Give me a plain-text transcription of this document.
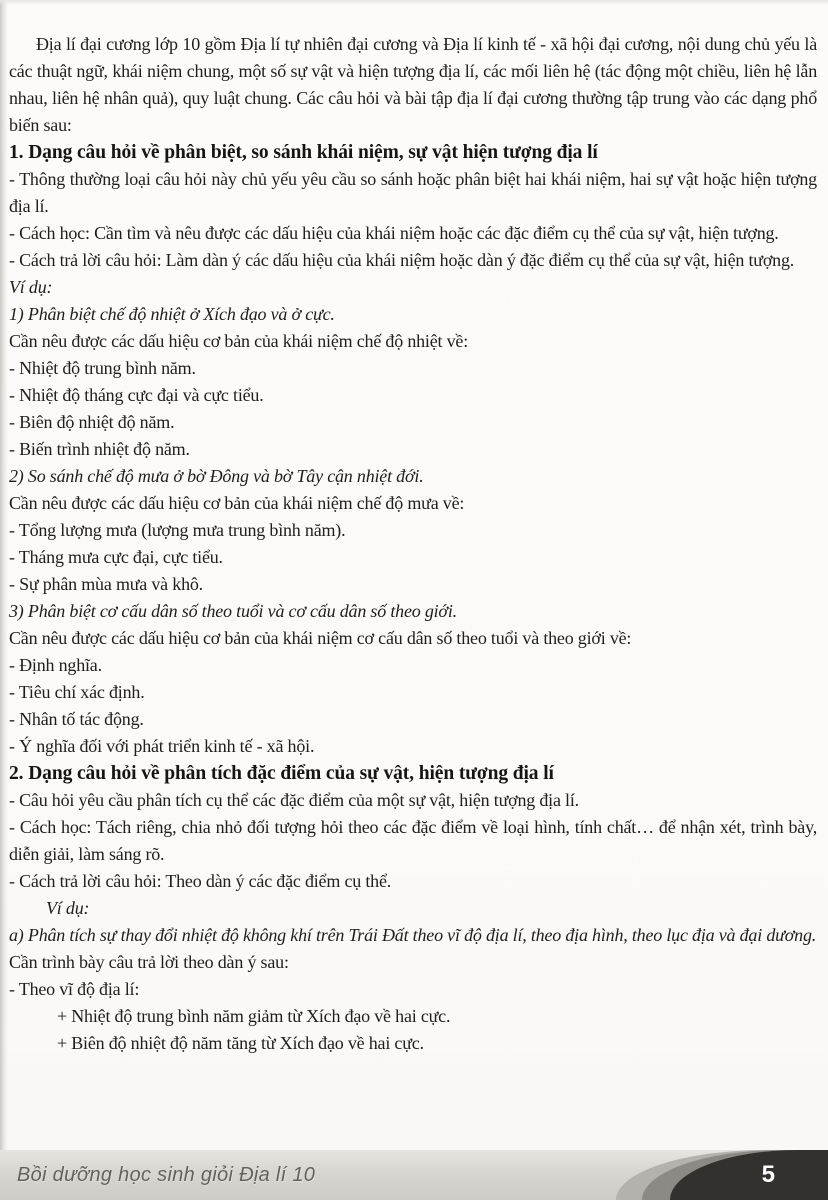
Địa lí đại cương lớp 10 gồm Địa lí tự nhiên đại cương và Địa lí kinh tế - xã hội đại cương, nội dung chủ yếu là các thuật ngữ, khái niệm chung, một số sự vật và hiện tượng địa lí, các mối liên hệ (tác động một chiều, liên hệ lẫn nhau, liên hệ nhân quả), quy luật chung. Các câu hỏi và bài tập địa lí đại cương thường tập trung vào các dạng phổ biến sau:

1. Dạng câu hỏi về phân biệt, so sánh khái niệm, sự vật hiện tượng địa lí

- Thông thường loại câu hỏi này chủ yếu yêu cầu so sánh hoặc phân biệt hai khái niệm, hai sự vật hoặc hiện tượng địa lí.

- Cách học: Cần tìm và nêu được các dấu hiệu của khái niệm hoặc các đặc điểm cụ thể của sự vật, hiện tượng.

- Cách trả lời câu hỏi: Làm dàn ý các dấu hiệu của khái niệm hoặc dàn ý đặc điểm cụ thể của sự vật, hiện tượng.

Ví dụ:

1) Phân biệt chế độ nhiệt ở Xích đạo và ở cực.

Cần nêu được các dấu hiệu cơ bản của khái niệm chế độ nhiệt về:

- Nhiệt độ trung bình năm.

- Nhiệt độ tháng cực đại và cực tiểu.

- Biên độ nhiệt độ năm.

- Biến trình nhiệt độ năm.

2) So sánh chế độ mưa ở bờ Đông và bờ Tây cận nhiệt đới.

Cần nêu được các dấu hiệu cơ bản của khái niệm chế độ mưa về:

- Tổng lượng mưa (lượng mưa trung bình năm).

- Tháng mưa cực đại, cực tiểu.

- Sự phân mùa mưa và khô.

3) Phân biệt cơ cấu dân số theo tuổi và cơ cấu dân số theo giới.

Cần nêu được các dấu hiệu cơ bản của khái niệm cơ cấu dân số theo tuổi và theo giới về:

- Định nghĩa.

- Tiêu chí xác định.

- Nhân tố tác động.

- Ý nghĩa đối với phát triển kinh tế - xã hội.

2. Dạng câu hỏi về phân tích đặc điểm của sự vật, hiện tượng địa lí

- Câu hỏi yêu cầu phân tích cụ thể các đặc điểm của một sự vật, hiện tượng địa lí.

- Cách học: Tách riêng, chia nhỏ đối tượng hỏi theo các đặc điểm về loại hình, tính chất… để nhận xét, trình bày, diễn giải, làm sáng rõ.

- Cách trả lời câu hỏi: Theo dàn ý các đặc điểm cụ thể.

Ví dụ:

a) Phân tích sự thay đổi nhiệt độ không khí trên Trái Đất theo vĩ độ địa lí, theo địa hình, theo lục địa và đại dương.

Cần trình bày câu trả lời theo dàn ý sau:

- Theo vĩ độ địa lí:

+ Nhiệt độ trung bình năm giảm từ Xích đạo về hai cực.

+ Biên độ nhiệt độ năm tăng từ Xích đạo về hai cực.

Bồi dưỡng học sinh giỏi Địa lí 10	5
